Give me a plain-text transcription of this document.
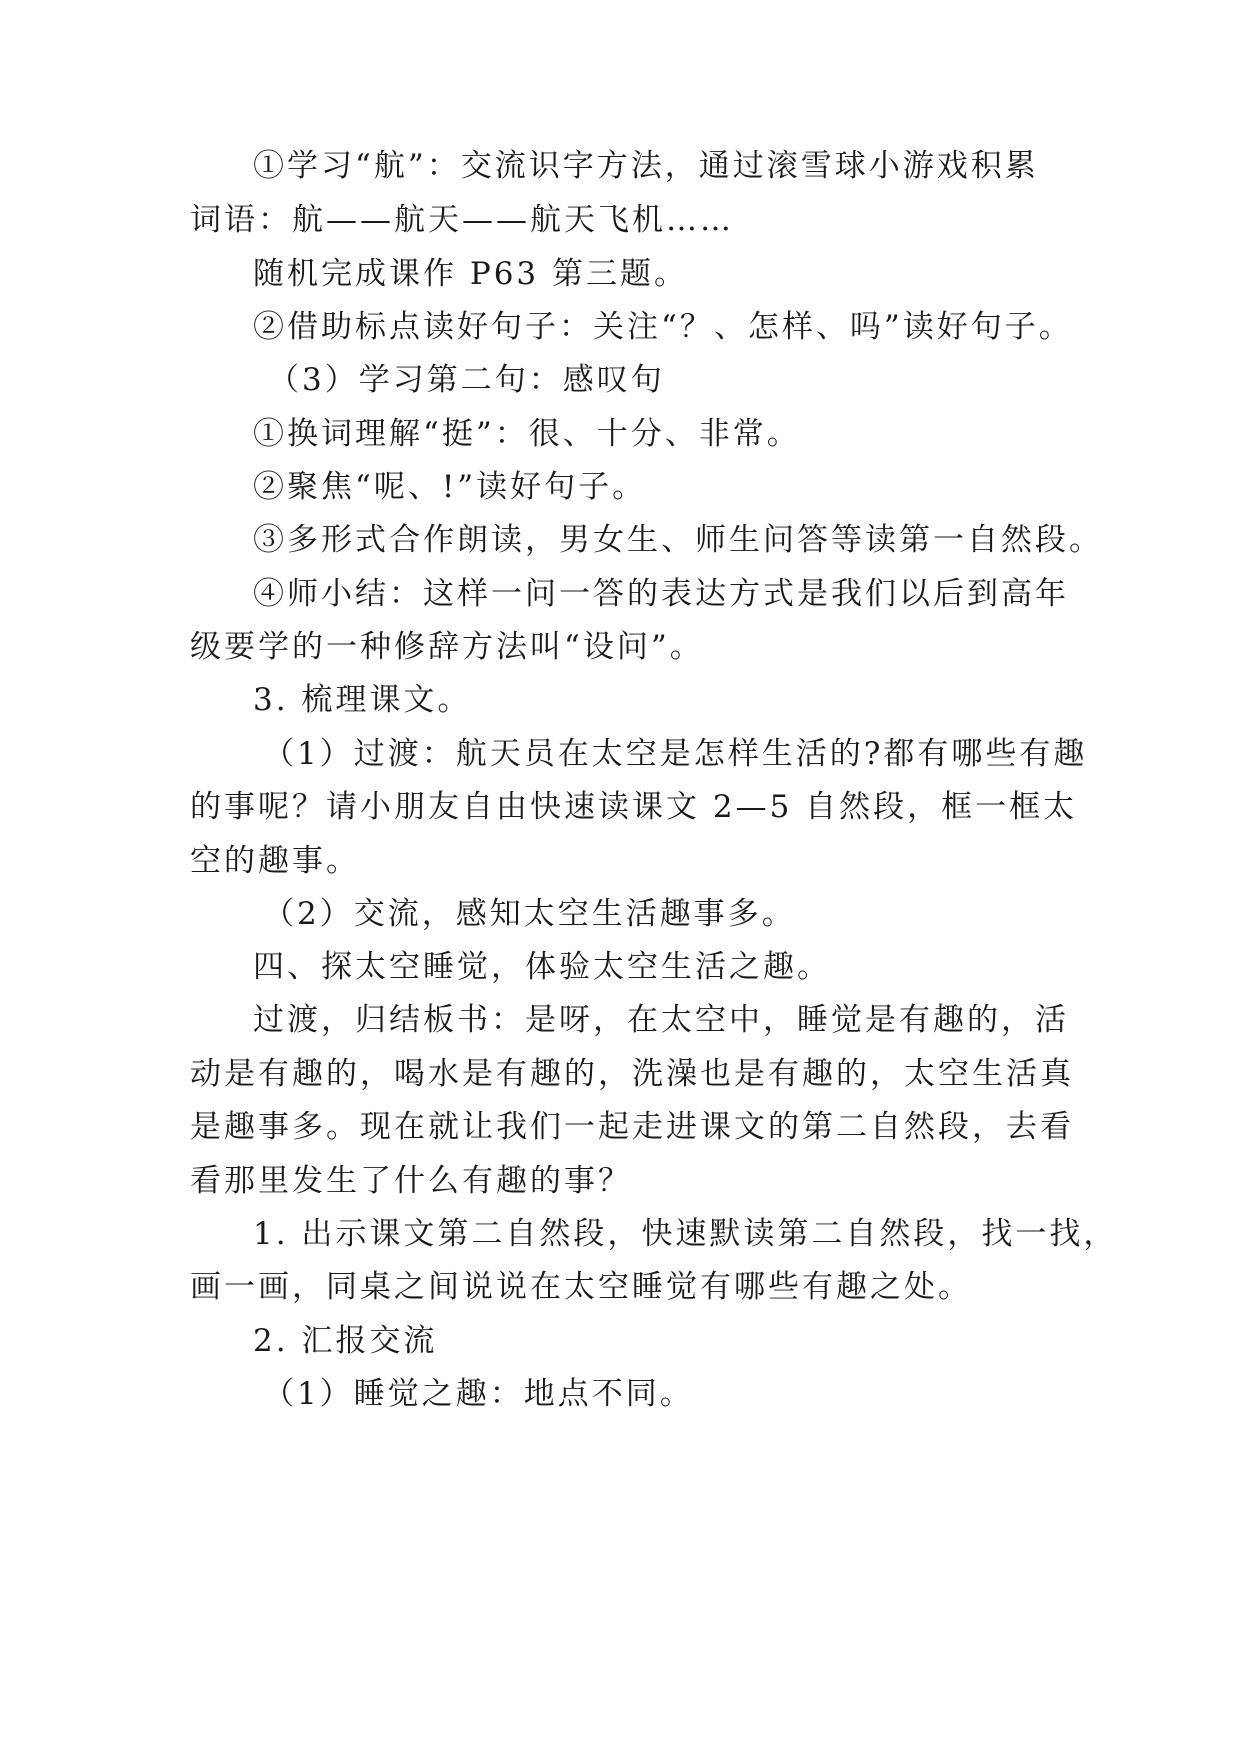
①学习“航”：交流识字方法，通过滚雪球小游戏积累
词语：航——航天——航天飞机……
随机完成课作 P63 第三题。
②借助标点读好句子：关注“？、怎样、吗”读好句子。
（3）学习第二句：感叹句
①换词理解“挺”：很、十分、非常。
②聚焦“呢、!”读好句子。
③多形式合作朗读，男女生、师生问答等读第一自然段。
④师小结：这样一问一答的表达方式是我们以后到高年
级要学的一种修辞方法叫“设问”。
3. 梳理课文。
（1）过渡：航天员在太空是怎样生活的?都有哪些有趣
的事呢？请小朋友自由快速读课文 2—5 自然段，框一框太
空的趣事。
（2）交流，感知太空生活趣事多。
四、探太空睡觉，体验太空生活之趣。
过渡，归结板书：是呀，在太空中，睡觉是有趣的，活
动是有趣的，喝水是有趣的，洗澡也是有趣的，太空生活真
是趣事多。现在就让我们一起走进课文的第二自然段，去看
看那里发生了什么有趣的事？
1. 出示课文第二自然段，快速默读第二自然段，找一找，
画一画，同桌之间说说在太空睡觉有哪些有趣之处。
2. 汇报交流
（1）睡觉之趣：地点不同。
